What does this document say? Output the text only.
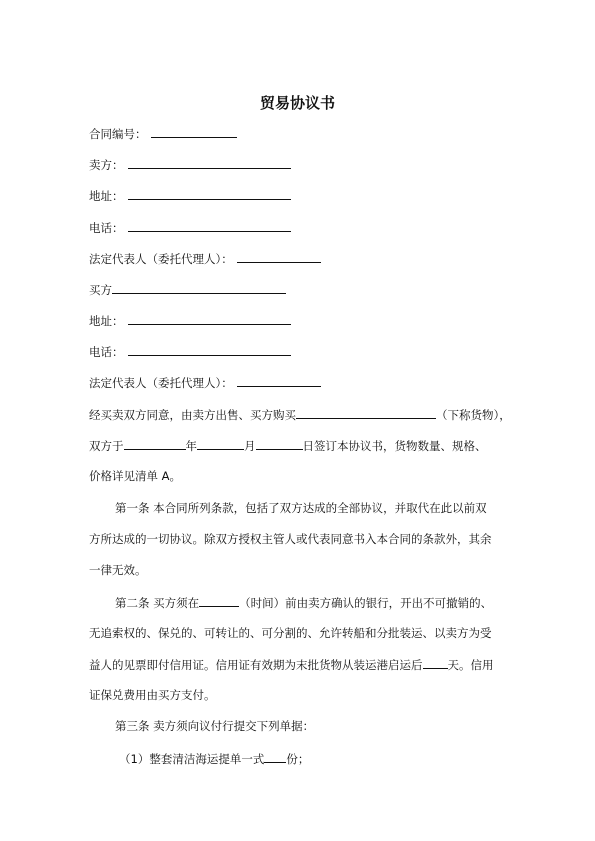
贸易协议书
合同编号：
卖方：
地址：
电话：
法定代表人（委托代理人）：
买方
地址：
电话：
法定代表人（委托代理人）：
经买卖双方同意，由卖方出售、买方购买	（下称货物），
双方于	年	月	日签订本协议书，货物数量、规格、
价格详见清单 A。
第一条 本合同所列条款，包括了双方达成的全部协议，并取代在此以前双
方所达成的一切协议。除双方授权主管人或代表同意书入本合同的条款外，其余
一律无效。
第二条 买方须在	（时间）前由卖方确认的银行，开出不可撤销的、
无追索权的、保兑的、可转让的、可分割的、允许转船和分批装运、以卖方为受
益人的见票即付信用证。信用证有效期为末批货物从装运港启运后 天。信用
证保兑费用由买方支付。
第三条 卖方须向议付行提交下列单据：
（1）整套清洁海运提单一式 份；
